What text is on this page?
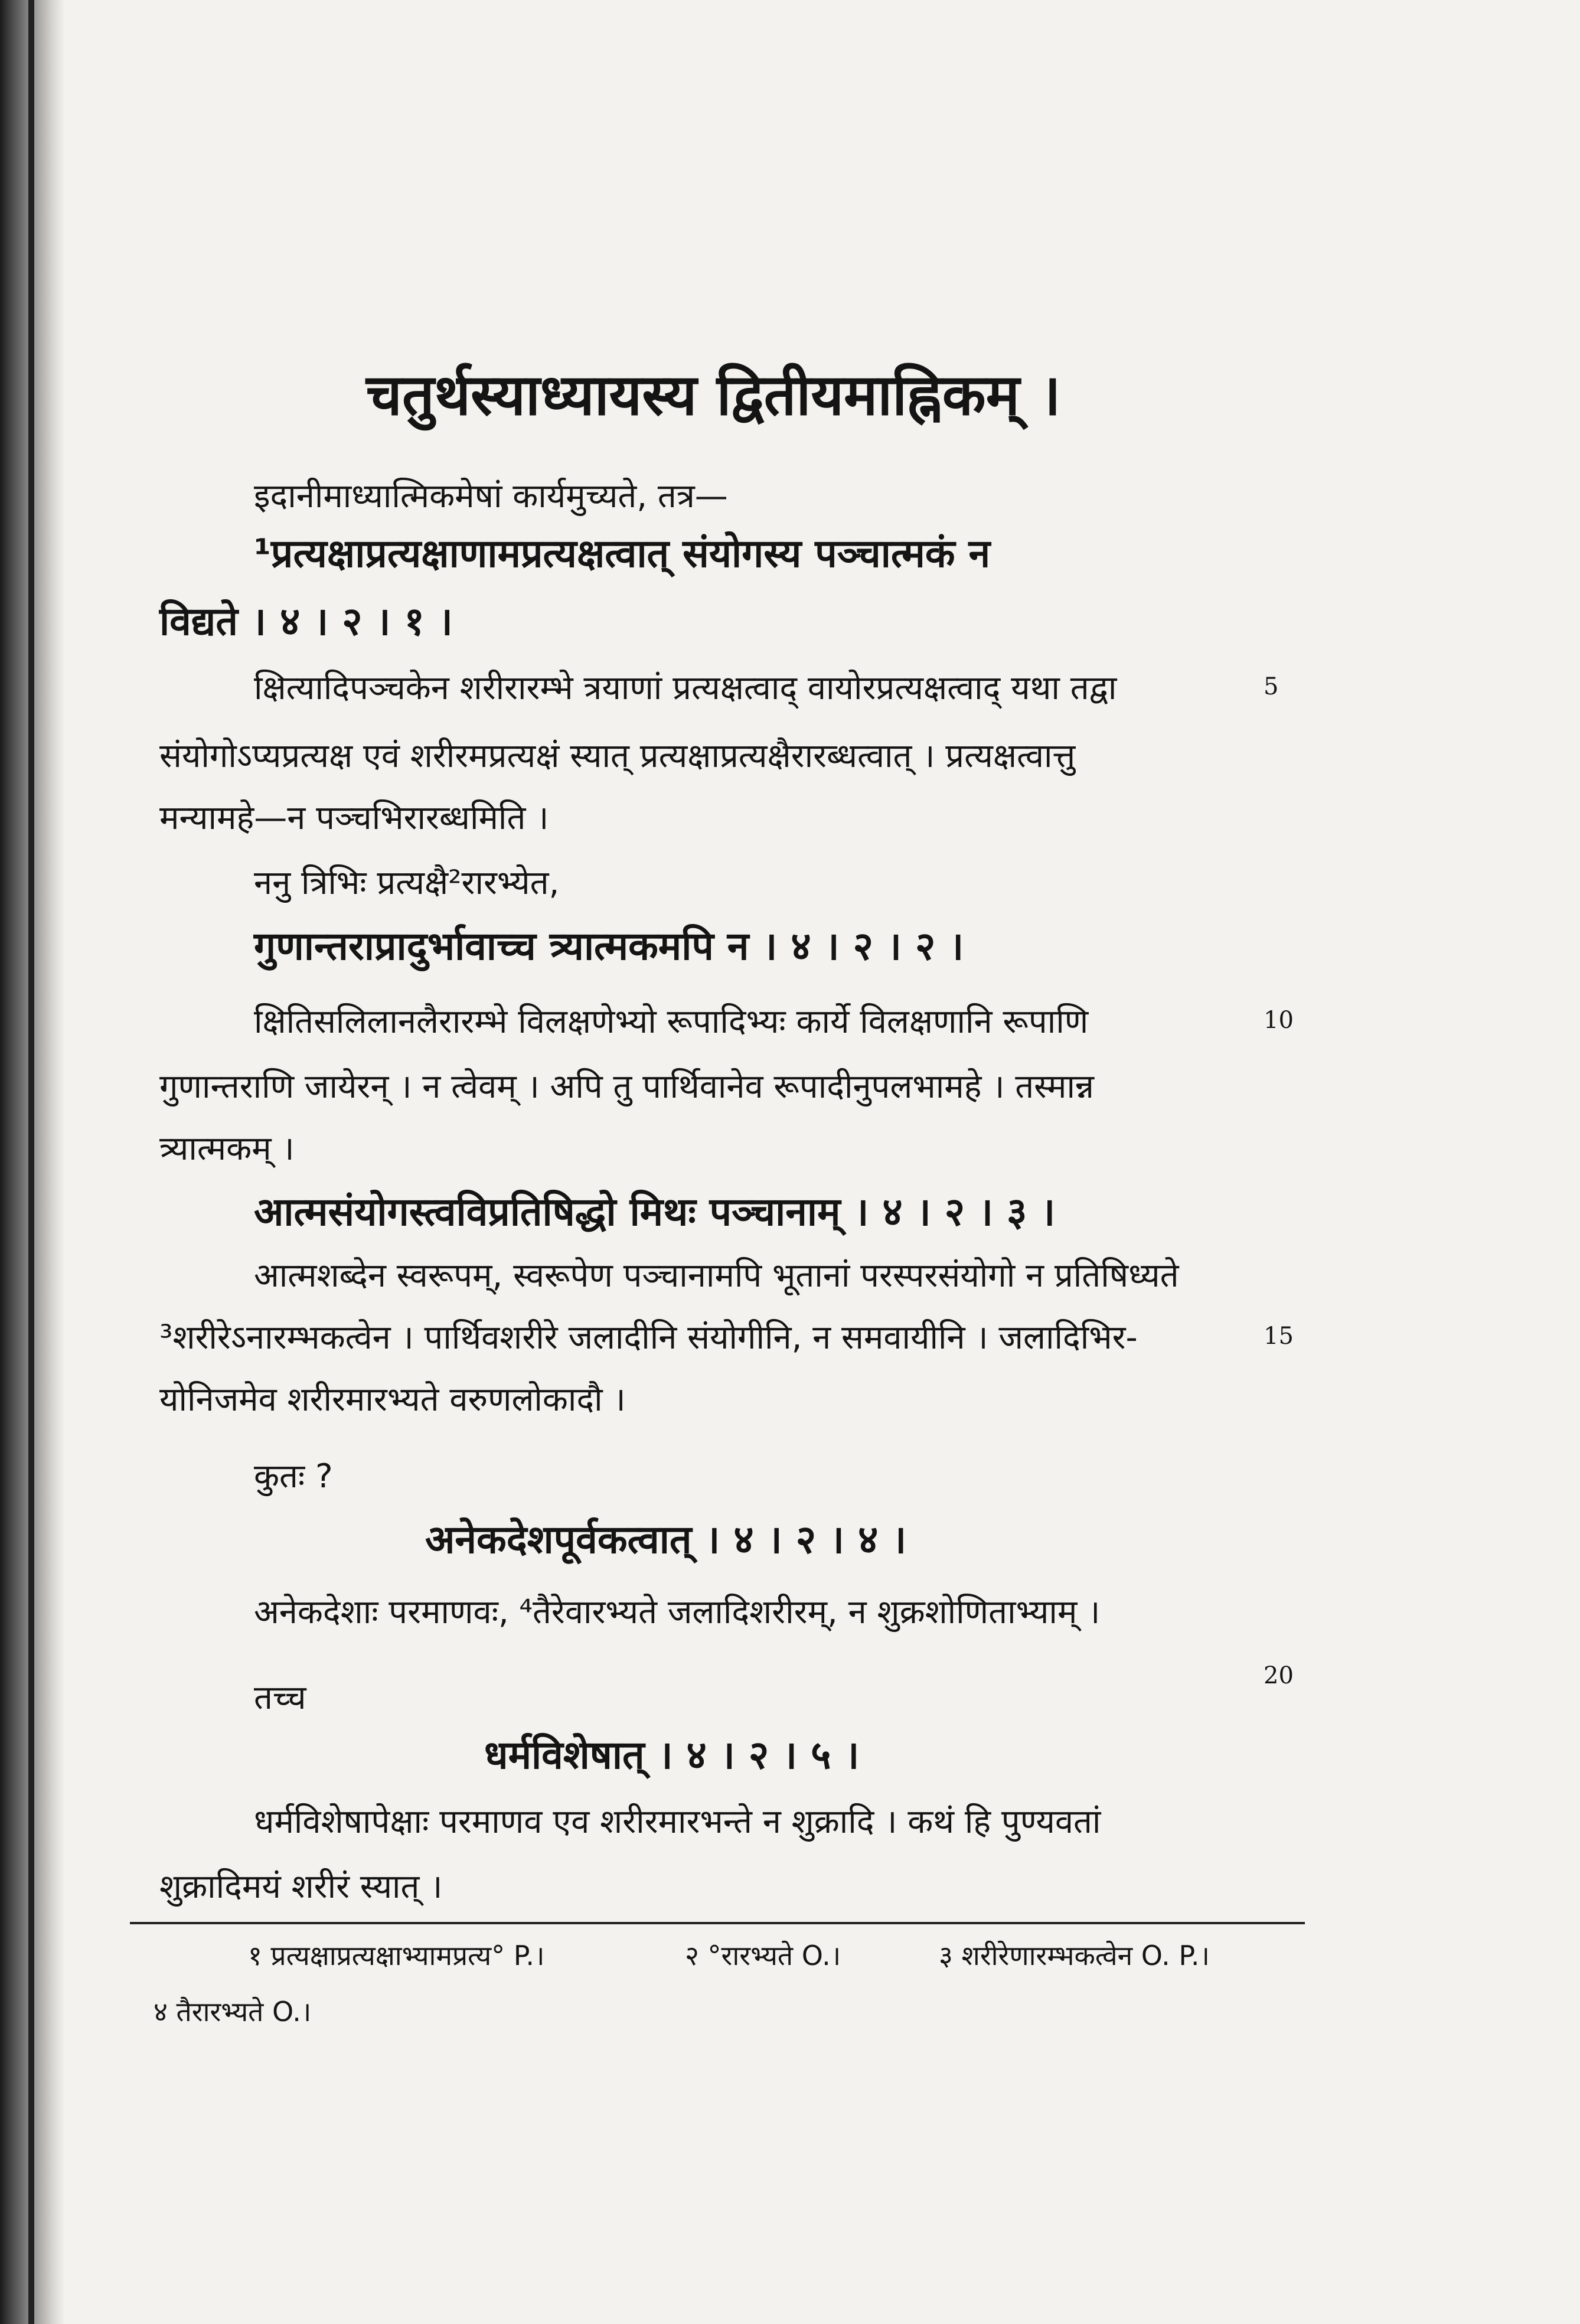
चतुर्थस्याध्यायस्य द्वितीयमाह्निकम् ।
इदानीमाध्यात्मिकमेषां कार्यमुच्यते, तत्र—
¹प्रत्यक्षाप्रत्यक्षाणामप्रत्यक्षत्वात् संयोगस्य पञ्चात्मकं न
विद्यते । ४ । २ । १ ।
क्षित्यादिपञ्चकेन शरीरारम्भे त्रयाणां प्रत्यक्षत्वाद् वायोरप्रत्यक्षत्वाद् यथा तद्वा
संयोगोऽप्यप्रत्यक्ष एवं शरीरमप्रत्यक्षं स्यात् प्रत्यक्षाप्रत्यक्षैरारब्धत्वात् । प्रत्यक्षत्वात्तु
मन्यामहे—न पञ्चभिरारब्धमिति ।
ननु त्रिभिः प्रत्यक्षै²रारभ्येत,
गुणान्तराप्रादुर्भावाच्च त्र्यात्मकमपि न । ४ । २ । २ ।
क्षितिसलिलानलैरारम्भे विलक्षणेभ्यो रूपादिभ्यः कार्ये विलक्षणानि रूपाणि
गुणान्तराणि जायेरन् । न त्वेवम् । अपि तु पार्थिवानेव रूपादीनुपलभामहे । तस्मान्न
त्र्यात्मकम् ।
आत्मसंयोगस्त्वविप्रतिषिद्धो मिथः पञ्चानाम् । ४ । २ । ३ ।
आत्मशब्देन स्वरूपम्, स्वरूपेण पञ्चानामपि भूतानां परस्परसंयोगो न प्रतिषिध्यते
³शरीरेऽनारम्भकत्वेन । पार्थिवशरीरे जलादीनि संयोगीनि, न समवायीनि । जलादिभिर-
योनिजमेव शरीरमारभ्यते वरुणलोकादौ ।
कुतः ?
अनेकदेशपूर्वकत्वात् । ४ । २ । ४ ।
अनेकदेशाः परमाणवः, ⁴तैरेवारभ्यते जलादिशरीरम्, न शुक्रशोणिताभ्याम् ।
तच्च
धर्मविशेषात् । ४ । २ । ५ ।
धर्मविशेषापेक्षाः परमाणव एव शरीरमारभन्ते न शुक्रादि । कथं हि पुण्यवतां
शुक्रादिमयं शरीरं स्यात् ।
5
10
15
20
१ प्रत्यक्षाप्रत्यक्षाभ्यामप्रत्य° P.।	२ °रारभ्यते O.।	३ शरीरेणारम्भकत्वेन O. P.।
४ तैरारभ्यते O.।
